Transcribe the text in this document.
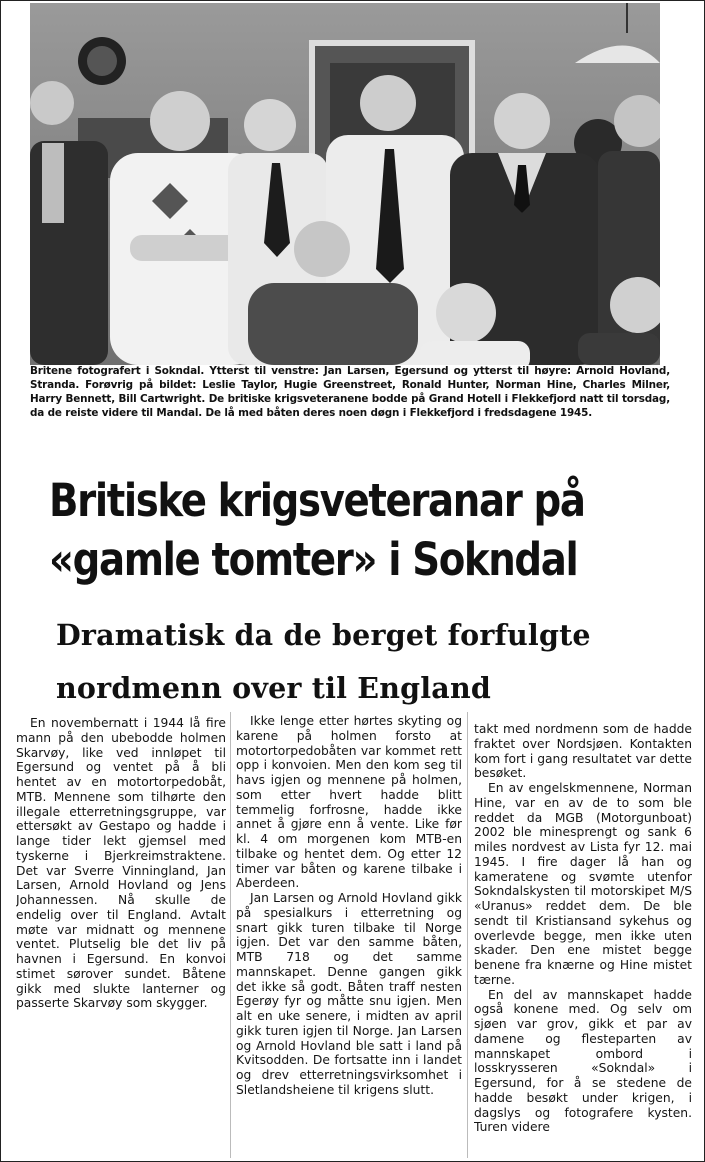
Britene fotografert i Sokndal. Ytterst til venstre: Jan Larsen, Egersund og ytterst til høyre: Arnold Hovland, Stranda. Forøvrig på bildet: Leslie Taylor, Hugie Greenstreet, Ronald Hunter, Norman Hine, Charles Milner, Harry Bennett, Bill Cartwright. De britiske krigsveteranene bodde på Grand Hotell i Flekkefjord natt til torsdag, da de reiste videre til Mandal. De lå med båten deres noen døgn i Flekkefjord i fredsdagene 1945.
Britiske krigsveteranar på
«gamle tomter» i Sokndal
Dramatisk da de berget forfulgte
nordmenn over til England

En novembernatt i 1944 lå fire mann på den ubebodde holmen Skarvøy, like ved innløpet til Egersund og ventet på å bli hentet av en motortorpedobåt, MTB. Mennene som tilhørte den illegale etterretningsgruppe, var ettersøkt av Gestapo og hadde i lange tider lekt gjemsel med tyskerne i Bjerkreimstraktene. Det var Sverre Vinningland, Jan Larsen, Arnold Hovland og Jens Johannessen. Nå skulle de endelig over til England. Avtalt møte var midnatt og mennene ventet. Plutselig ble det liv på havnen i Egersund. En konvoi stimet sørover sundet. Båtene gikk med slukte lanterner og passerte Skarvøy som skygger.

Ikke lenge etter hørtes skyting og karene på holmen forsto at motortorpedobåten var kommet rett opp i konvoien. Men den kom seg til havs igjen og mennene på holmen, som etter hvert hadde blitt temmelig forfrosne, hadde ikke annet å gjøre enn å vente. Like før kl. 4 om morgenen kom MTB-en tilbake og hentet dem. Og etter 12 timer var båten og karene tilbake i Aberdeen.

Jan Larsen og Arnold Hovland gikk på spesialkurs i etterretning og snart gikk turen tilbake til Norge igjen. Det var den samme båten, MTB 718 og det samme mannskapet. Denne gangen gikk det ikke så godt. Båten traff nesten Egerøy fyr og måtte snu igjen. Men alt en uke senere, i midten av april gikk turen igjen til Norge. Jan Larsen og Arnold Hovland ble satt i land på Kvitsodden. De fortsatte inn i landet og drev etterretningsvirksomhet i Sletlandsheiene til krigens slutt.

takt med nordmenn som de hadde fraktet over Nordsjøen. Kontakten kom fort i gang resultatet var dette besøket.

En av engelskmennene, Norman Hine, var en av de to som ble reddet da MGB (Motorgunboat) 2002 ble minesprengt og sank 6 miles nordvest av Lista fyr 12. mai 1945. I fire dager lå han og kameratene og svømte utenfor Sokndalskysten til motorskipet M/S «Uranus» reddet dem. De ble sendt til Kristiansand sykehus og overlevde begge, men ikke uten skader. Den ene mistet begge benene fra knærne og Hine mistet tærne.

En del av mannskapet hadde også konene med. Og selv om sjøen var grov, gikk et par av damene og flesteparten av mannskapet ombord i losskrysseren «Sokndal» i Egersund, for å se stedene de hadde besøkt under krigen, i dagslys og fotografere kysten. Turen videre
